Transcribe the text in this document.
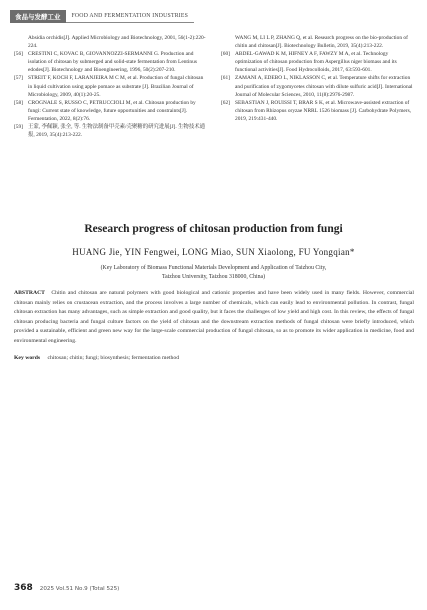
食品与发酵工业	FOOD AND FERMENTATION INDUSTRIES
Absidia orchidis[J]. Applied Microbiology and Biotechnology, 2001, 56(1-2):220-224.
[56] CRESTINI C, KOVAC B, GIOVANNOZZI-SERMANNI G. Production and isolation of chitosan by submerged and solid-state fermentation from Lentinus edodes[J]. Biotechnology and Bioengineering, 1996, 50(2):207-210.
[57] STREIT F, KOCH F, LARANJEIRA M C M, et al. Production of fungal chitosan in liquid cultivation using apple pomace as substrate [J]. Brazilian Journal of Microbiology, 2009, 40(1):20-25.
[58] CROGNALE S, RUSSO C, PETRUCCIOLI M, et al. Chitosan production by fungi: Current state of knowledge, future opportunities and constraints[J]. Fermentation, 2022, 8(2):76.
[59] 王蒙, 李佩颖, 张全, 等. 生物法制备甲壳素/壳聚糖的研究进展[J]. 生物技术通报, 2019, 35(4):213-222.
WANG M, LI L P, ZHANG Q, et al. Research progress on the bio-production of chitin and chitosan[J]. Biotechnology Bulletin, 2019, 35(4):213-222.
[60] ABDEL-GAWAD K M, HIFNEY A F, FAWZY M A, et al. Technology optimization of chitosan production from Aspergillus niger biomass and its functional activities[J]. Food Hydrocolloids, 2017, 63:593-601.
[61] ZAMANI A, EDEBO L, NIKLASSON C, et al. Temperature shifts for extraction and purification of zygomycetes chitosan with dilute sulfuric acid[J]. International Journal of Molecular Sciences, 2010, 11(8):2976-2987.
[62] SEBASTIAN J, ROUISSI T, BRAR S K, et al. Microwave-assisted extraction of chitosan from Rhizopus oryzae NRRL 1526 biomass [J]. Carbohydrate Polymers, 2019, 219:431-440.
Research progress of chitosan production from fungi
HUANG Jie, YIN Fengwei, LONG Miao, SUN Xiaolong, FU Yongqian*
(Key Laboratory of Biomass Functional Materials Development and Application of Taizhou City,
Taizhou University, Taizhou 318000, China)
ABSTRACT Chitin and chitosan are natural polymers with good biological and cationic properties and have been widely used in many fields. However, commercial chitosan mainly relies on crustacean extraction, and the process involves a large number of chemicals, which can easily lead to environmental pollution. In contrast, fungal chitosan extraction has many advantages, such as simple extraction and good quality, but it faces the challenges of low yield and high cost. In this review, the effects of fungal chitosan producing bacteria and fungal culture factors on the yield of chitosan and the downstream extraction methods of fungal chitosan were briefly introduced, which provided a sustainable, efficient and green new way for the large-scale commercial production of fungal chitosan, so as to promote its wider application in medicine, food and environmental engineering.
Key words chitosan; chitin; fungi; biosynthesis; fermentation method
368 2025 Vol.51 No.9 (Total 525)
